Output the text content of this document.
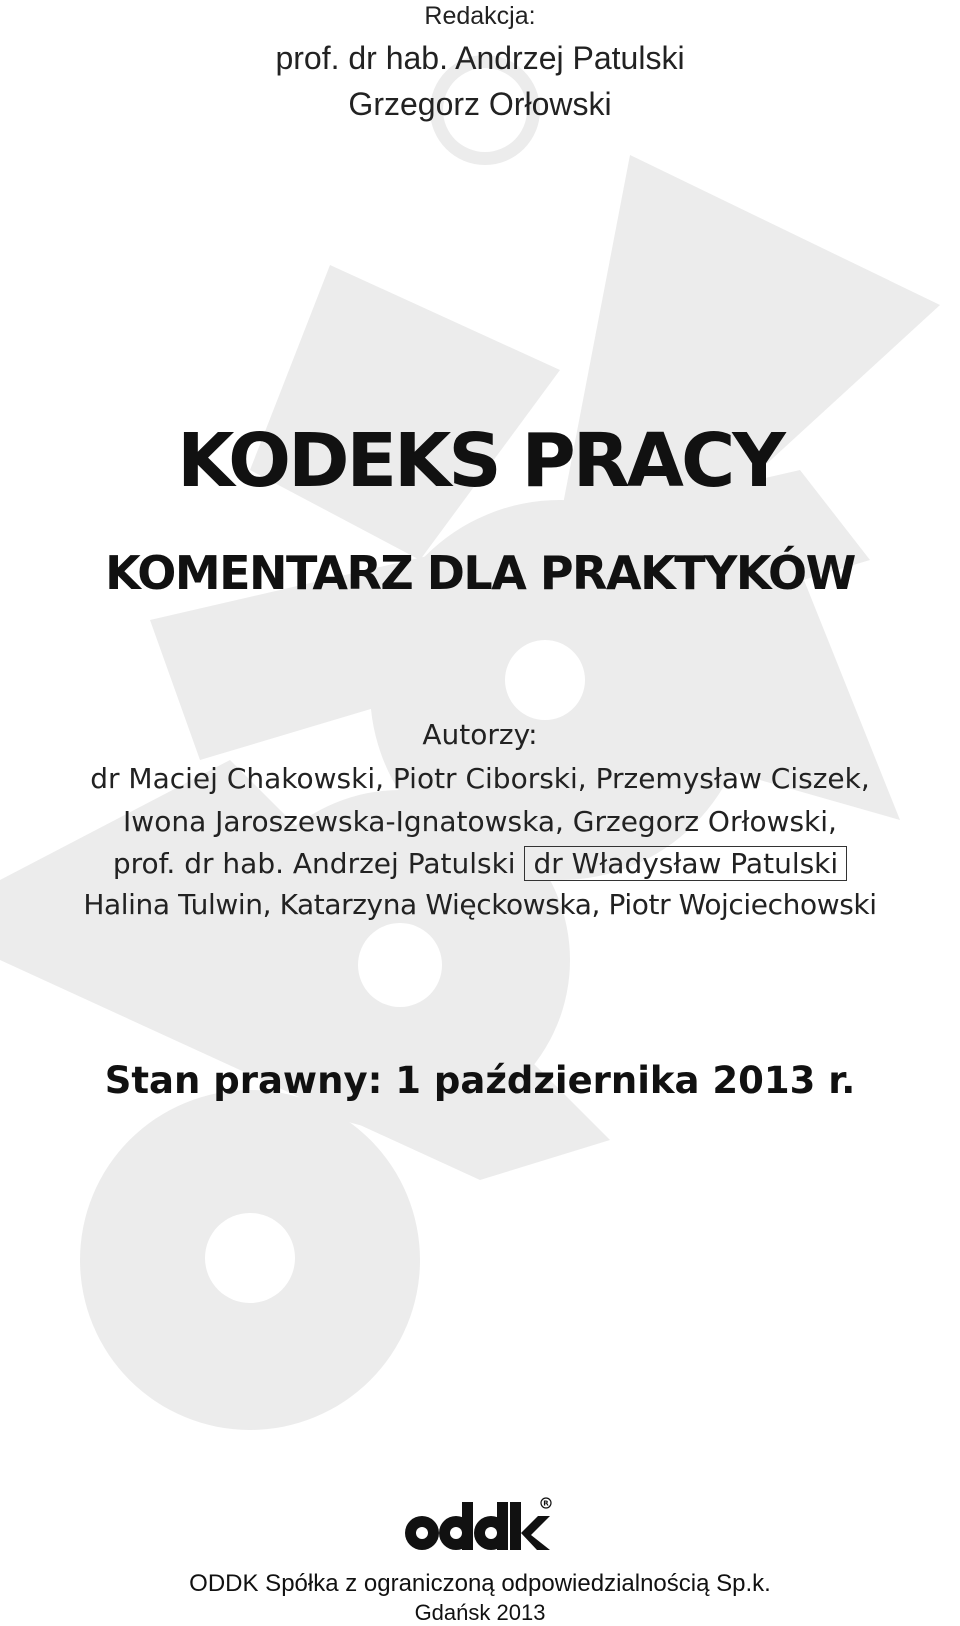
Redakcja:
prof. dr hab. Andrzej Patulski
Grzegorz Orłowski
KODEKS PRACY
KOMENTARZ DLA PRAKTYKÓW
Autorzy:
dr Maciej Chakowski, Piotr Ciborski, Przemysław Ciszek,
Iwona Jaroszewska-Ignatowska, Grzegorz Orłowski,
prof. dr hab. Andrzej Patulski dr Władysław Patulski
Halina Tulwin, Katarzyna Więckowska, Piotr Wojciechowski
Stan prawny: 1 października 2013 r.
R
ODDK Spółka z ograniczoną odpowiedzialnością Sp.k.
Gdańsk 2013
